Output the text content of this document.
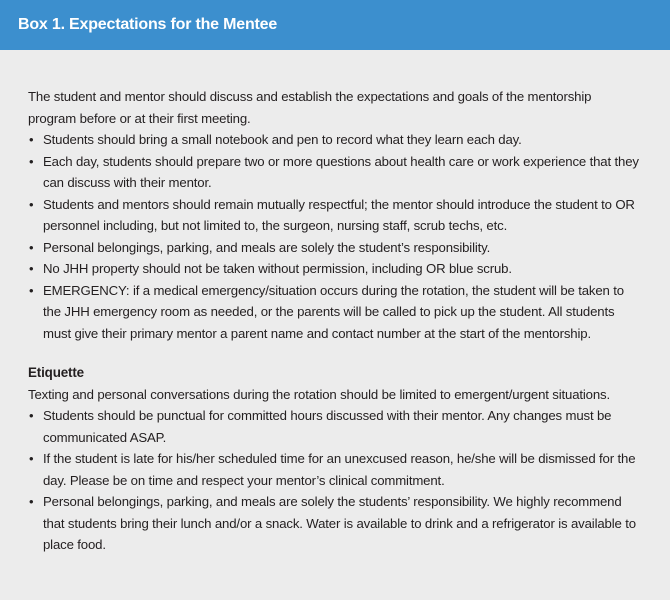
Box 1. Expectations for the Mentee

The student and mentor should discuss and establish the expectations and goals of the mentorship program before or at their first meeting.

• Students should bring a small notebook and pen to record what they learn each day.
• Each day, students should prepare two or more questions about health care or work experience that they can discuss with their mentor.
• Students and mentors should remain mutually respectful; the mentor should introduce the student to OR personnel including, but not limited to, the surgeon, nursing staff, scrub techs, etc.
• Personal belongings, parking, and meals are solely the student’s responsibility.
• No JHH property should not be taken without permission, including OR blue scrub.
• EMERGENCY: if a medical emergency/situation occurs during the rotation, the student will be taken to the JHH emergency room as needed, or the parents will be called to pick up the student. All students must give their primary mentor a parent name and contact number at the start of the mentorship.

Etiquette

Texting and personal conversations during the rotation should be limited to emergent/urgent situations.

• Students should be punctual for committed hours discussed with their mentor. Any changes must be communicated ASAP.
• If the student is late for his/her scheduled time for an unexcused reason, he/she will be dismissed for the day. Please be on time and respect your mentor’s clinical commitment.
• Personal belongings, parking, and meals are solely the students’ responsibility. We highly recommend that students bring their lunch and/or a snack. Water is available to drink and a refrigerator is available to place food.
